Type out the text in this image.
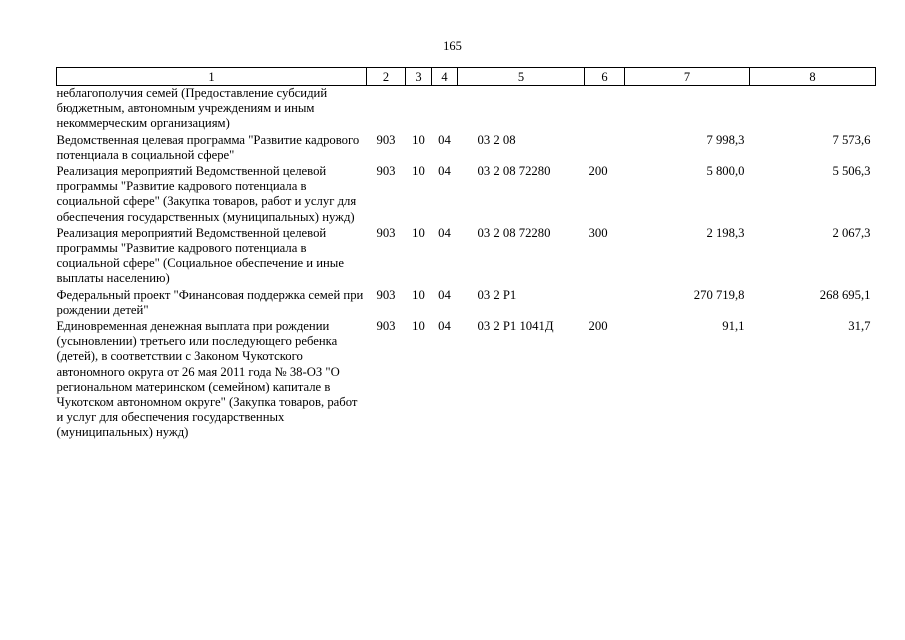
165
1	2	3	4	5	6	7	8
неблагополучия семей (Предоставление субсидий бюджетным, автономным учреждениям и иным некоммерческим организациям)							
Ведомственная целевая программа "Развитие кадрового потенциала в социальной сфере"	903	10	04	03 2 08		7 998,3	7 573,6
Реализация мероприятий Ведомственной целевой программы "Развитие кадрового потенциала в социальной сфере" (Закупка товаров, работ и услуг для обеспечения государственных (муниципальных) нужд)	903	10	04	03 2 08 72280	200	5 800,0	5 506,3
Реализация мероприятий Ведомственной целевой программы "Развитие кадрового потенциала в социальной сфере" (Социальное обеспечение и иные выплаты населению)	903	10	04	03 2 08 72280	300	2 198,3	2 067,3
Федеральный проект "Финансовая поддержка семей при рождении детей"	903	10	04	03 2 P1		270 719,8	268 695,1
Единовременная денежная выплата при рождении (усыновлении) третьего или последующего ребенка (детей), в соответствии с Законом Чукотского автономного округа от 26 мая 2011 года № 38-ОЗ "О региональном материнском (семейном) капитале в Чукотском автономном округе" (Закупка товаров, работ и услуг для обеспечения государственных (муниципальных) нужд)	903	10	04	03 2 P1 1041Д	200	91,1	31,7
